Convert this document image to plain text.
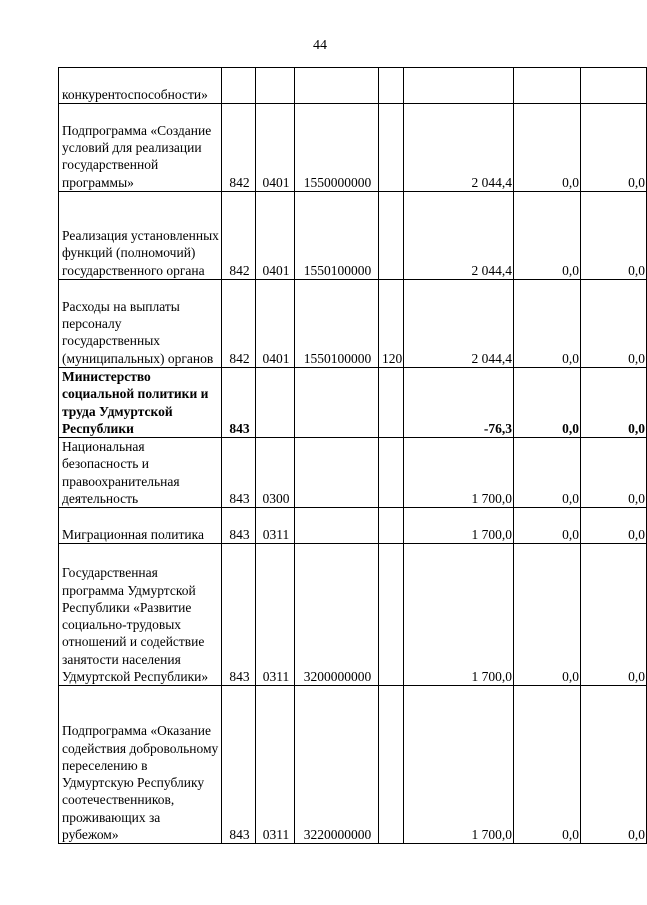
44
конкурентоспособности»							
Подпрограмма «Создание условий для реализации государственной программы»	842	0401	1550000000		2 044,4	0,0	0,0
Реализация установленных функций (полномочий) государственного органа	842	0401	1550100000		2 044,4	0,0	0,0
Расходы на выплаты персоналу государственных (муниципальных) органов	842	0401	1550100000	120	2 044,4	0,0	0,0
Министерство социальной политики и труда Удмуртской Республики	843				-76,3	0,0	0,0
Национальная безопасность и правоохранительная деятельность	843	0300			1 700,0	0,0	0,0
Миграционная политика	843	0311			1 700,0	0,0	0,0
Государственная программа Удмуртской Республики «Развитие социально-трудовых отношений и содействие занятости населения Удмуртской Республики»	843	0311	3200000000		1 700,0	0,0	0,0
Подпрограмма «Оказание содействия добровольному переселению в Удмуртскую Республику соотечественников, проживающих за рубежом»	843	0311	3220000000		1 700,0	0,0	0,0
